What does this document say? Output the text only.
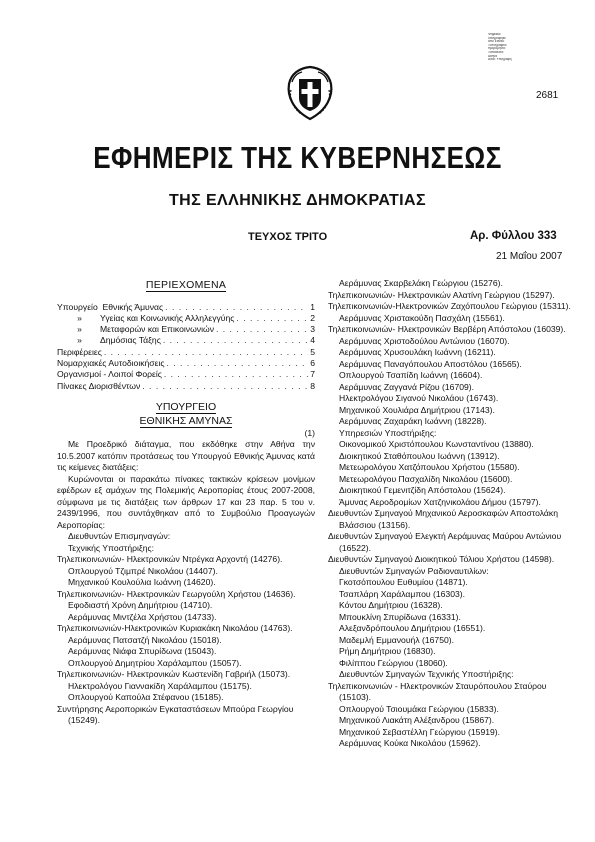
Ψηφιακά
υπογράφηκε
από Εθνικό
Τυπογραφείο
Ημερομηνία:
Τοποθεσία:
Αθήνα
Αιτία: Υπογραφή
2681
ΕΦΗΜΕΡΙΣ ΤΗΣ ΚΥΒΕΡΝΗΣΕΩΣ
ΤΗΣ ΕΛΛΗΝΙΚΗΣ ΔΗΜΟΚΡΑΤΙΑΣ
ΤΕΥΧΟΣ ΤΡΙΤΟ	Αρ. Φύλλου 333
21 Μαΐου 2007

ΠΕΡΙΕΧΟΜΕΝΑ

Υπουργείο Εθνικής Άμυνας . . .	1
» Υγείας και Κοινωνικής Αλληλεγγύης . . .	2
» Μεταφορών και Επικοινωνιών . . .	3
» Δημόσιας Τάξης . . .	4
Περιφέρειες . . .	5
Νομαρχιακές Αυτοδιοικήσεις . . .	6
Οργανισμοί - Λοιποί Φορείς . . .	7
Πίνακες Διορισθέντων . . .	8

ΥΠΟΥΡΓΕΙΟ

ΕΘΝΙΚΗΣ ΑΜΥΝΑΣ

(1)

Με Προεδρικό διάταγμα, που εκδόθηκε στην Αθήνα την 10.5.2007 κατόπιν προτάσεως του Υπουργού Εθνικής Άμυνας κατά τις κείμενες διατάξεις:

Κυρώνονται οι παρακάτω πίνακες τακτικών κρίσεων μονίμων εφέδρων εξ αμάχων της Πολεμικής Αεροπορίας έτους 2007-2008, σύμφωνα με τις διατάξεις των άρθρων 17 και 23 παρ. 5 του ν. 2439/1996, που συντάχθηκαν από το Συμβούλιο Προαγωγών Αεροπορίας:

Διευθυντών Επισμηναγών:

Τεχνικής Υποστήριξης:

Τηλεπικοινωνιών- Ηλεκτρονικών Ντρέγκα Αρχοντή (14276).

Οπλουργού Τζιμπρέ Νικολάου (14407).

Μηχανικού Κουλούλια Ιωάννη (14620).

Τηλεπικοινωνιών- Ηλεκτρονικών Γεωργούλη Χρήστου (14636).

Εφοδιαστή Χρόνη Δημήτριου (14710).

Αεράμυνας Μιντζέλα Χρήστου (14733).

Τηλεπικοινωνιών-Ηλεκτρονικών Κυριακάκη Νικολάου (14763).

Αεράμυνας Πατσατζή Νικολάου (15018).

Αεράμυνας Νιάφα Σπυρίδωνα (15043).

Οπλουργού Δημητρίου Χαράλαμπου (15057).

Τηλεπικοινωνιών- Ηλεκτρονικών Κωστενίδη Γαβριήλ (15073).

Ηλεκτρολόγου Γιαννακίδη Χαράλαμπου (15175).

Οπλουργού Καπούλα Στέφανου (15185).

Συντήρησης Αεροπορικών Εγκαταστάσεων Μπούρα Γεωργίου (15249).

Αεράμυνας Σκαρβελάκη Γεώργιου (15276).

Τηλεπικοινωνιών- Ηλεκτρονικών Αλατίνη Γεώργιου (15297).

Τηλεπικοινωνιών-Ηλεκτρονικών Ζαχόπουλου Γεώργιου (15311).

Αεράμυνας Χριστακούδη Πασχάλη (15561).

Τηλεπικοινωνιών- Ηλεκτρονικών Βερβέρη Απόστολου (16039).

Αεράμυνας Χριστοδούλου Αντώνιου (16070).

Αεράμυνας Χρυσουλάκη Ιωάννη (16211).

Αεράμυνας Παναγόπουλου Αποστόλου (16565).

Οπλουργού Τσαπίδη Ιωάννη (16604).

Αεράμυνας Ζαγγανά Ρίζου (16709).

Ηλεκτρολόγου Σιγανού Νικολάου (16743).

Μηχανικού Χουλιάρα Δημήτριου (17143).

Αεράμυνας Ζαχαράκη Ιωάννη (18228).

Υπηρεσιών Υποστήριξης:

Οικονομικού Χριστόπουλου Κωνσταντίνου (13880).

Διοικητικού Σταθόπουλου Ιωάννη (13912).

Μετεωρολόγου Χατζόπουλου Χρήστου (15580).

Μετεωρολόγου Πασχαλίδη Νικολάου (15600).

Διοικητικού Γεμενιτζίδη Απόστολου (15624).

Άμυνας Αεροδρομίων Χατζηνικολάου Δήμου (15797).

Διευθυντών Σμηναγού Μηχανικού Αεροσκαφών Αποστολάκη Βλάσσιου (13156).

Διευθυντών Σμηναγού Ελεγκτή Αεράμυνας Μαύρου Αντώνιου (16522).

Διευθυντών Σμηναγού Διοικητικού Τόλιου Χρήστου (14598).

Διευθυντών Σμηναγών Ραδιοναυτιλίων:

Γκοτσόπουλου Ευθυμίου (14871).

Τσαπλάρη Χαράλαμπου (16303).

Κόντου Δημήτριου (16328).

Μπουκλίνη Σπυρίδωνα (16331).

Αλεξανδρόπουλου Δημήτριου (16551).

Μαδεμλή Εμμανουήλ (16750).

Ρήμη Δημήτριου (16830).

Φιλίππου Γεώργιου (18060).

Διευθυντών Σμηναγών Τεχνικής Υποστήριξης:

Τηλεπικοινωνιών - Ηλεκτρονικών Σταυρόπουλου Σταύρου (15103).

Οπλουργού Τσιουμάκα Γεώργιου (15833).

Μηχανικού Λιακάτη Αλέξανδρου (15867).

Μηχανικού Σεβαστέλλη Γεώργιου (15919).

Αεράμυνας Κούκα Νικολάου (15962).
